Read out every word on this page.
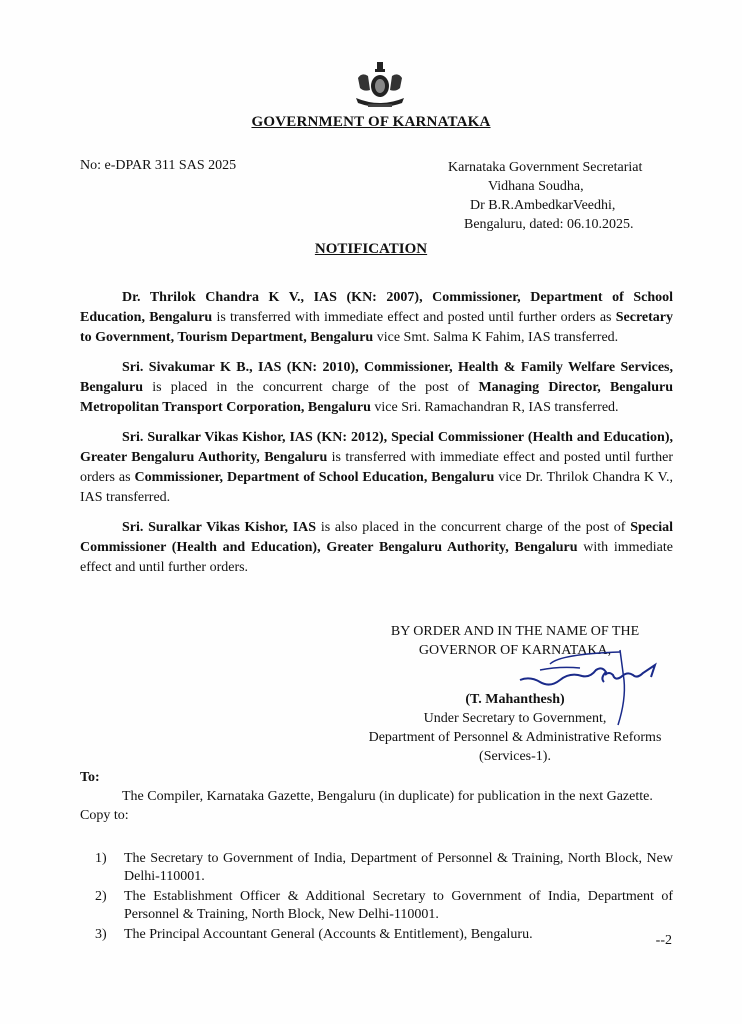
GOVERNMENT OF KARNATAKA
No: e-DPAR 311 SAS 2025	Karnataka Government Secretariat
Vidhana Soudha,
Dr B.R.AmbedkarVeedhi,
Bengaluru, dated: 06.10.2025.
NOTIFICATION

Dr. Thrilok Chandra K V., IAS (KN: 2007), Commissioner, Department of School Education, Bengaluru is transferred with immediate effect and posted until further orders as Secretary to Government, Tourism Department, Bengaluru vice Smt. Salma K Fahim, IAS transferred.

Sri. Sivakumar K B., IAS (KN: 2010), Commissioner, Health & Family Welfare Services, Bengaluru is placed in the concurrent charge of the post of Managing Director, Bengaluru Metropolitan Transport Corporation, Bengaluru vice Sri. Ramachandran R, IAS transferred.

Sri. Suralkar Vikas Kishor, IAS (KN: 2012), Special Commissioner (Health and Education), Greater Bengaluru Authority, Bengaluru is transferred with immediate effect and posted until further orders as Commissioner, Department of School Education, Bengaluru vice Dr. Thrilok Chandra K V., IAS transferred.

Sri. Suralkar Vikas Kishor, IAS is also placed in the concurrent charge of the post of Special Commissioner (Health and Education), Greater Bengaluru Authority, Bengaluru with immediate effect and until further orders.

BY ORDER AND IN THE NAME OF THE
GOVERNOR OF KARNATAKA,
(T. Mahanthesh)
Under Secretary to Government,
Department of Personnel & Administrative Reforms
(Services-1).
To:
The Compiler, Karnataka Gazette, Bengaluru (in duplicate) for publication in the next Gazette.
Copy to:
1)	The Secretary to Government of India, Department of Personnel & Training, North Block, New Delhi-110001.
2)	The Establishment Officer & Additional Secretary to Government of India, Department of Personnel & Training, North Block, New Delhi-110001.
3)	The Principal Accountant General (Accounts & Entitlement), Bengaluru.	--2
